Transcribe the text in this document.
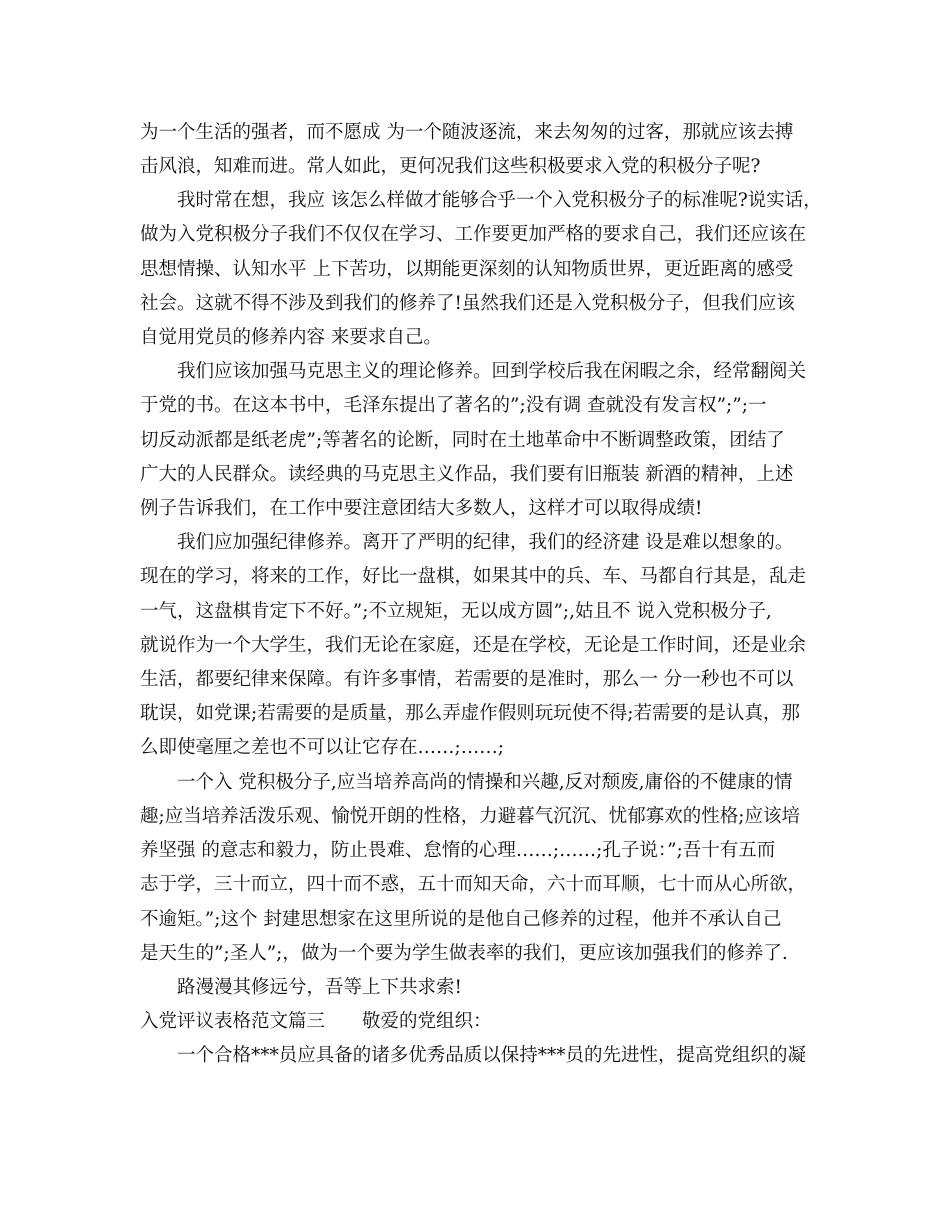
为一个生活的强者，而不愿成 为一个随波逐流，来去匆匆的过客，那就应该去搏
击风浪，知难而进。常人如此，更何况我们这些积极要求入党的积极分子呢?
我时常在想，我应 该怎么样做才能够合乎一个入党积极分子的标准呢?说实话，
做为入党积极分子我们不仅仅在学习、工作要更加严格的要求自己，我们还应该在
思想情操、认知水平 上下苦功，以期能更深刻的认知物质世界，更近距离的感受
社会。这就不得不涉及到我们的修养了!虽然我们还是入党积极分子，但我们应该
自觉用党员的修养内容 来要求自己。
我们应该加强马克思主义的理论修养。回到学校后我在闲暇之余，经常翻阅关
于党的书。在这本书中，毛泽东提出了著名的”;没有调 查就没有发言权”;”;一
切反动派都是纸老虎”;等著名的论断，同时在土地革命中不断调整政策，团结了
广大的人民群众。读经典的马克思主义作品，我们要有旧瓶装 新酒的精神，上述
例子告诉我们，在工作中要注意团结大多数人，这样才可以取得成绩!
我们应加强纪律修养。离开了严明的纪律，我们的经济建 设是难以想象的。
现在的学习，将来的工作，好比一盘棋，如果其中的兵、车、马都自行其是，乱走
一气，这盘棋肯定下不好。”;不立规矩，无以成方圆”;,姑且不 说入党积极分子,
就说作为一个大学生，我们无论在家庭，还是在学校，无论是工作时间，还是业余
生活，都要纪律来保障。有许多事情，若需要的是准时，那么一 分一秒也不可以
耽误，如党课;若需要的是质量，那么弄虚作假则玩玩使不得;若需要的是认真，那
么即使毫厘之差也不可以让它存在……;……;
一个入 党积极分子,应当培养高尚的情操和兴趣,反对颓废,庸俗的不健康的情
趣;应当培养活泼乐观、愉悦开朗的性格，力避暮气沉沉、忧郁寡欢的性格;应该培
养坚强 的意志和毅力，防止畏难、怠惰的心理……;……;孔子说：”;吾十有五而
志于学，三十而立，四十而不惑，五十而知天命，六十而耳顺，七十而从心所欲，
不逾矩。”;这个 封建思想家在这里所说的是他自己修养的过程，他并不承认自己
是天生的”;圣人”;，做为一个要为学生做表率的我们，更应该加强我们的修养了.
路漫漫其修远兮，吾等上下共求索!
入党评议表格范文篇三　　敬爱的党组织：
一个合格***员应具备的诸多优秀品质以保持***员的先进性，提高党组织的凝
